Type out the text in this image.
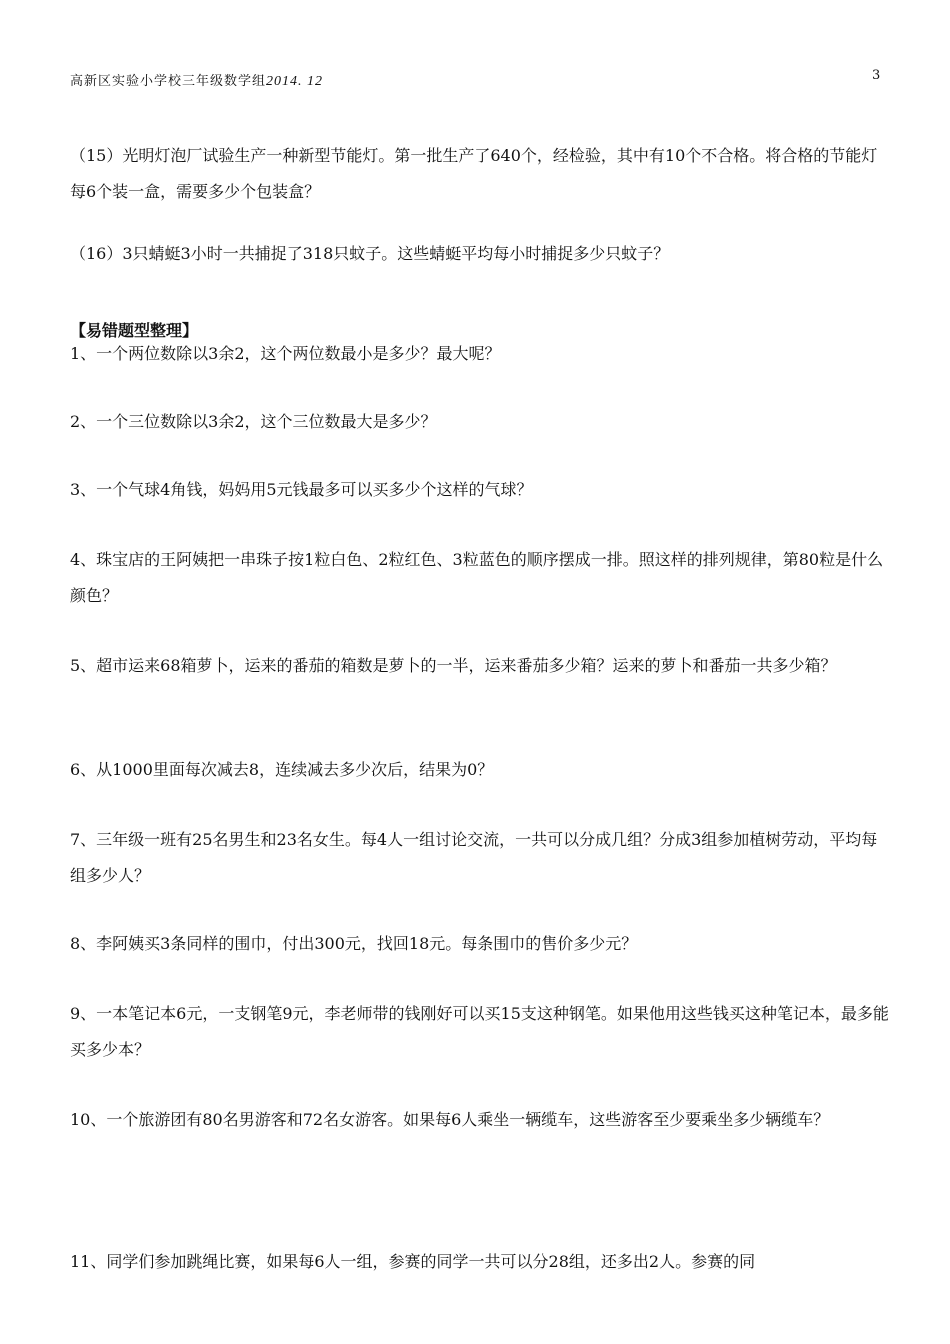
高新区实验小学校三年级数学组2014. 12	3
（15）光明灯泡厂试验生产一种新型节能灯。第一批生产了640个，经检验，其中有10个不合格。将合格的节能灯每6个装一盒，需要多少个包装盒？
（16）3只蜻蜓3小时一共捕捉了318只蚊子。这些蜻蜓平均每小时捕捉多少只蚊子？
【易错题型整理】
1、一个两位数除以3余2，这个两位数最小是多少？最大呢？
2、一个三位数除以3余2，这个三位数最大是多少？
3、一个气球4角钱，妈妈用5元钱最多可以买多少个这样的气球？
4、珠宝店的王阿姨把一串珠子按1粒白色、2粒红色、3粒蓝色的顺序摆成一排。照这样的排列规律，第80粒是什么颜色？
5、超市运来68箱萝卜，运来的番茄的箱数是萝卜的一半，运来番茄多少箱？运来的萝卜和番茄一共多少箱？
6、从1000里面每次减去8，连续减去多少次后，结果为0？
7、三年级一班有25名男生和23名女生。每4人一组讨论交流，一共可以分成几组？分成3组参加植树劳动，平均每组多少人？
8、李阿姨买3条同样的围巾，付出300元，找回18元。每条围巾的售价多少元？
9、一本笔记本6元，一支钢笔9元，李老师带的钱刚好可以买15支这种钢笔。如果他用这些钱买这种笔记本，最多能买多少本？
10、一个旅游团有80名男游客和72名女游客。如果每6人乘坐一辆缆车，这些游客至少要乘坐多少辆缆车？
11、同学们参加跳绳比赛，如果每6人一组，参赛的同学一共可以分28组，还多出2人。参赛的同
